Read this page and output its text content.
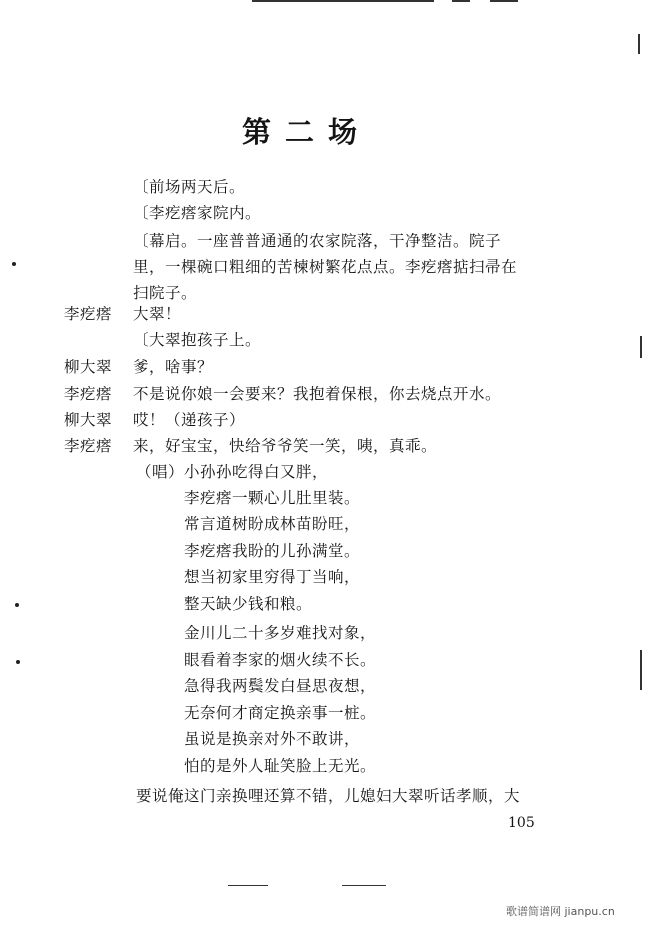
第二场
〔前场两天后。
〔李疙瘩家院内。
〔幕启。一座普普通通的农家院落，干净整洁。院子
里，一棵碗口粗细的苦楝树繁花点点。李疙瘩掂扫帚在
扫院子。
李疙瘩 大翠！
〔大翠抱孩子上。
柳大翠 爹，啥事？
李疙瘩 不是说你娘一会要来？我抱着保根，你去烧点开水。
柳大翠 哎！（递孩子）
李疙瘩 来，好宝宝，快给爷爷笑一笑，咦，真乖。
（唱） 小孙孙吃得白又胖，
李疙瘩一颗心儿肚里装。
常言道树盼成林苗盼旺，
李疙瘩我盼的儿孙满堂。
想当初家里穷得丁当响，
整天缺少钱和粮。
金川儿二十多岁难找对象，
眼看着李家的烟火续不长。
急得我两鬓发白昼思夜想，
无奈何才商定换亲事一桩。
虽说是换亲对外不敢讲，
怕的是外人耻笑脸上无光。
要说俺这门亲换哩还算不错，儿媳妇大翠听话孝顺，大
105
歌谱简谱网 jianpu.cn
